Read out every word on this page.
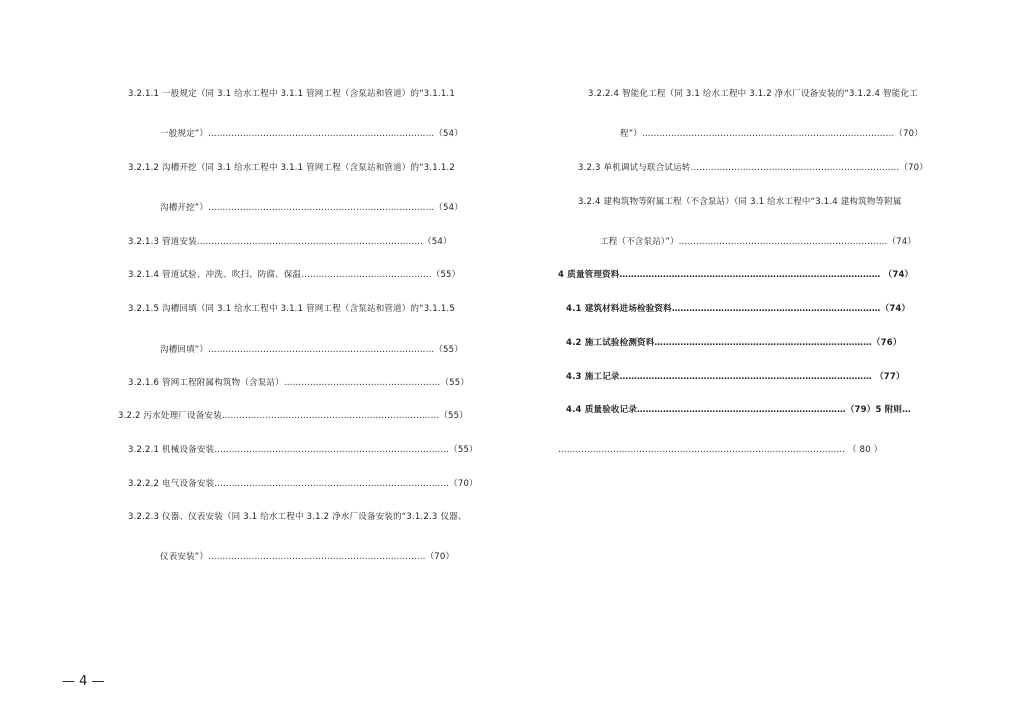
3.2.1.1 一般规定（同 3.1 给水工程中 3.1.1 管网工程（含泵站和管道）的“3.1.1.1
一般规定”）……………………………………………………………………（54）
3.2.1.2 沟槽开挖（同 3.1 给水工程中 3.1.1 管网工程（含泵站和管道）的“3.1.1.2
沟槽开挖”）……………………………………………………………………（54）
3.2.1.3 管道安装……………………………………………………………………（54）
3.2.1.4 管道试验、冲洗、吹扫、防腐、保温………………………………………（55）
3.2.1.5 沟槽回填（同 3.1 给水工程中 3.1.1 管网工程（含泵站和管道）的“3.1.1.5
沟槽回填”）……………………………………………………………………（55）
3.2.1.6 管网工程附属构筑物（含泵站）………………………………………………（55）
3.2.2 污水处理厂设备安装…………………………………………………………………（55）
3.2.2.1 机械设备安装………………………………………………………………………（55）
3.2.2.2 电气设备安装………………………………………………………………………（70）
3.2.2.3 仪器、仪表安装（同 3.1 给水工程中 3.1.2 净水厂设备安装的“3.1.2.3 仪器、
仪表安装”）…………………………………………………………………（70）
3.2.2.4 智能化工程（同 3.1 给水工程中 3.1.2 净水厂设备安装的“3.1.2.4 智能化工
程”）……………………………………………………………………………（70）
3.2.3 单机调试与联合试运转………………………………………………………………（70）
3.2.4 建构筑物等附属工程（不含泵站）（同 3.1 给水工程中“3.1.4 建构筑物等附属
工程（不含泵站）”）………………………………………………………………（74）
4 质量管理资料……………………………………………………………………………… （74）
4.1 建筑材料进场检验资料………………………………………………………………（74）
4.2 施工试验检测资料…………………………………………………………………（76）
4.3 施工记录…………………………………………………………………………… （77）
4.4 质量验收记录………………………………………………………………（79）5 附则…
……………………………………………………………………………………… （ 80 ）
— 4 —
